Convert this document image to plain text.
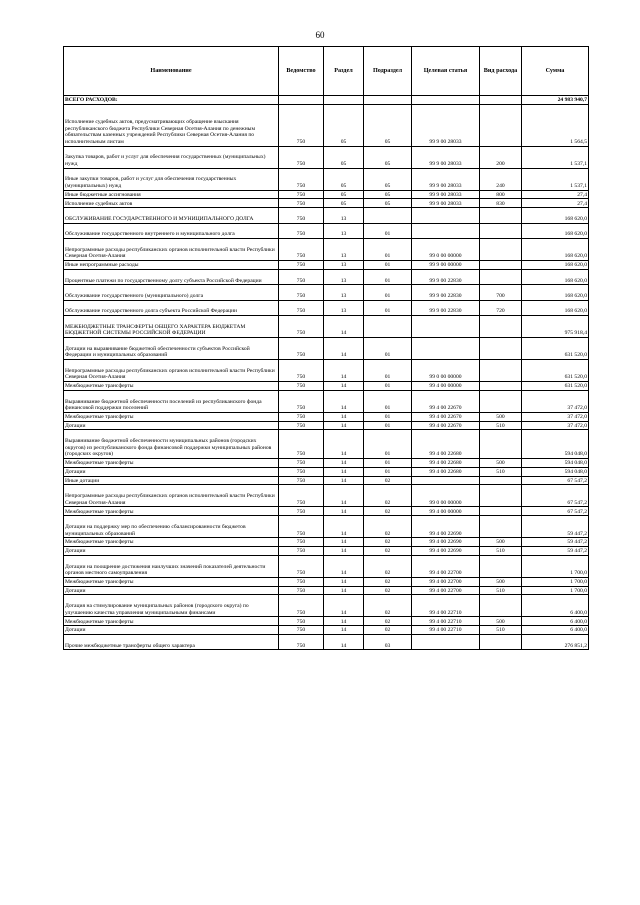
60
Наименование	Ведомство	Раздел	Подраздел	Целевая статья	Вид расхода	Сумма
ВСЕГО РАСХОДОВ:						24 983 940,7
Исполнение судебных актов, предусматривающих обращение взыскания республиканского бюджета Республики Северная Осетия-Алания по денежным обязательствам казенных учреждений Республики Северная Осетия-Алания по исполнительным листам	750	05	05	99 9 00 28033		1 564,5
Закупка товаров, работ и услуг для обеспечения государственных (муниципальных) нужд	750	05	05	99 9 00 28033	200	1 537,1
Иные закупки товаров, работ и услуг для обеспечения государственных (муниципальных) нужд	750	05	05	99 9 00 28033	240	1 537,1
Иные бюджетные ассигнования	750	05	05	99 9 00 28033	800	27,4
Исполнение судебных актов	750	05	05	99 9 00 28033	830	27,4
ОБСЛУЖИВАНИЕ ГОСУДАРСТВЕННОГО И МУНИЦИПАЛЬНОГО ДОЛГА	750	13				168 620,0
Обслуживание государственного внутреннего и муниципального долга	750	13	01			168 620,0
Непрограммные расходы республиканских органов исполнительной власти Республики Северная Осетия-Алания	750	13	01	99 0 00 00000		168 620,0
Иные непрограммные расходы	750	13	01	99 9 00 00000		168 620,0
Процентные платежи по государственному долгу субъекта Российской Федерации	750	13	01	99 9 00 22830		168 620,0
Обслуживание государственного (муниципального) долга	750	13	01	99 9 00 22830	700	168 620,0
Обслуживание государственного долга субъекта Российской Федерации	750	13	01	99 9 00 22830	720	168 620,0
МЕЖБЮДЖЕТНЫЕ ТРАНСФЕРТЫ ОБЩЕГО ХАРАКТЕРА БЮДЖЕТАМ БЮДЖЕТНОЙ СИСТЕМЫ РОССИЙСКОЙ ФЕДЕРАЦИИ	750	14				975 918,4
Дотации на выравнивание бюджетной обеспеченности субъектов Российской Федерации и муниципальных образований	750	14	01			631 520,0
Непрограммные расходы республиканских органов исполнительной власти Республики Северная Осетия-Алания	750	14	01	99 0 00 00000		631 520,0
Межбюджетные трансферты	750	14	01	99 4 00 00000		631 520,0
Выравнивание бюджетной обеспеченности поселений из республиканского фонда финансовой поддержки поселений	750	14	01	99 4 00 22670		37 472,0
Межбюджетные трансферты	750	14	01	99 4 00 22670	500	37 472,0
Дотации	750	14	01	99 4 00 22670	510	37 472,0
Выравнивание бюджетной обеспеченности муниципальных районов (городских округов) из республиканского фонда финансовой поддержки муниципальных районов (городских округов)	750	14	01	99 4 00 22680		594 048,0
Межбюджетные трансферты	750	14	01	99 4 00 22680	500	594 048,0
Дотации	750	14	01	99 4 00 22680	510	594 048,0
Иные дотации	750	14	02			67 547,2
Непрограммные расходы республиканских органов исполнительной власти Республики Северная Осетия-Алания	750	14	02	99 0 00 00000		67 547,2
Межбюджетные трансферты	750	14	02	99 4 00 00000		67 547,2
Дотации на поддержку мер по обеспечению сбалансированности бюджетов муниципальных образований	750	14	02	99 4 00 22690		59 447,2
Межбюджетные трансферты	750	14	02	99 4 00 22690	500	59 447,2
Дотации	750	14	02	99 4 00 22690	510	59 447,2
Дотации на поощрение достижения наилучших значений показателей деятельности органов местного самоуправления	750	14	02	99 4 00 22700		1 700,0
Межбюджетные трансферты	750	14	02	99 4 00 22700	500	1 700,0
Дотации	750	14	02	99 4 00 22700	510	1 700,0
Дотация на стимулирование муниципальных районов (городского округа) по улучшению качества управления муниципальными финансами	750	14	02	99 4 00 22710		6 400,0
Межбюджетные трансферты	750	14	02	99 4 00 22710	500	6 400,0
Дотации	750	14	02	99 4 00 22710	510	6 400,0
Прочие межбюджетные трансферты общего характера	750	14	03			276 851,2
